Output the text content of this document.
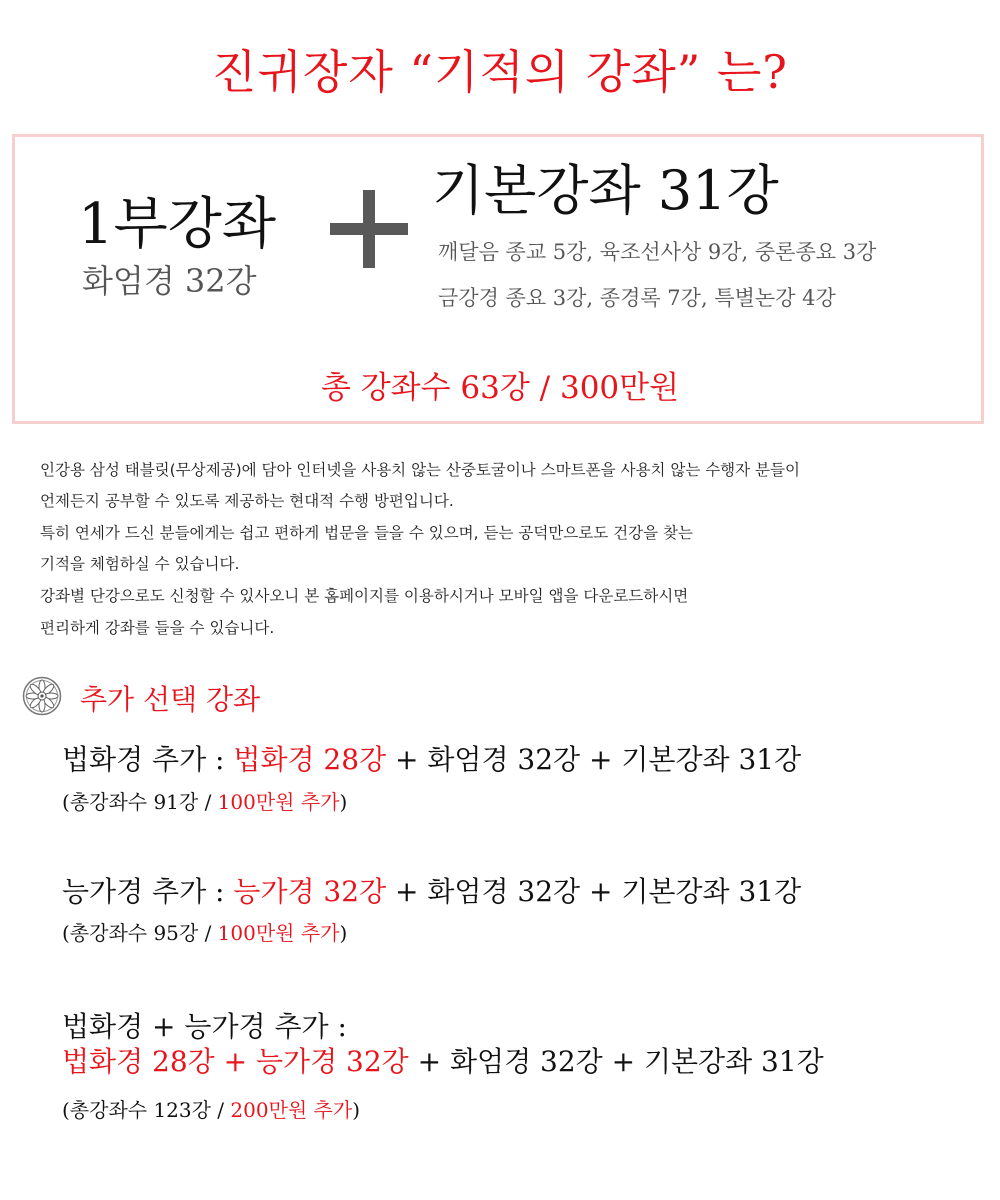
진귀장자 “기적의 강좌” 는?
1부강좌
화엄경 32강
기본강좌 31강
깨달음 종교 5강, 육조선사상 9강, 중론종요 3강
금강경 종요 3강, 종경록 7강, 특별논강 4강
총 강좌수 63강 / 300만원
인강용 삼성 태블릿(무상제공)에 담아 인터넷을 사용치 않는 산중토굴이나 스마트폰을 사용치 않는 수행자 분들이
언제든지 공부할 수 있도록 제공하는 현대적 수행 방편입니다.
특히 연세가 드신 분들에게는 쉽고 편하게 법문을 들을 수 있으며, 듣는 공덕만으로도 건강을 찾는
기적을 체험하실 수 있습니다.
강좌별 단강으로도 신청할 수 있사오니 본 홈페이지를 이용하시거나 모바일 앱을 다운로드하시면
편리하게 강좌를 들을 수 있습니다.
추가 선택 강좌
법화경 추가 : 법화경 28강 + 화엄경 32강 + 기본강좌 31강
(총강좌수 91강 / 100만원 추가)
능가경 추가 : 능가경 32강 + 화엄경 32강 + 기본강좌 31강
(총강좌수 95강 / 100만원 추가)
법화경 + 능가경 추가 :
법화경 28강 + 능가경 32강 + 화엄경 32강 + 기본강좌 31강
(총강좌수 123강 / 200만원 추가)
